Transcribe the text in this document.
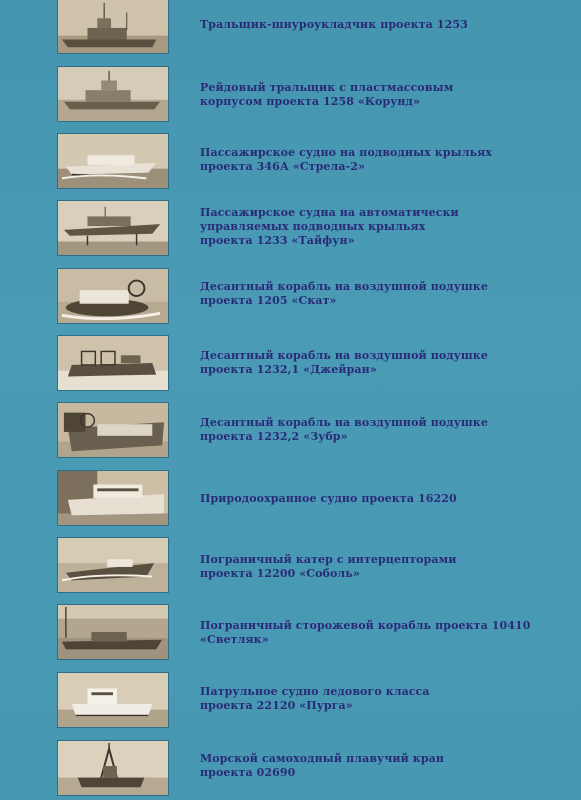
Тральщик-шнуроукладчик проекта 1253
Рейдовый тральщик с пластмассовым
корпусом проекта 1258 «Корунд»
Пассажирское судно на подводных крыльях
проекта 346А «Стрела-2»
Пассажирское судна на автоматически
управляемых подводных крыльях
проекта 1233 «Тайфун»
Десантный корабль на воздушной подушке
проекта 1205 «Скат»
Десантный корабль на воздушной подушке
проекта 1232,1 «Джейран»
Десантный корабль на воздушной подушке
проекта 1232,2 «Зубр»
Природоохранное судно проекта 16220
Пограничный катер с интерцепторами
проекта 12200 «Соболь»
Пограничный сторожевой корабль проекта 10410
«Светляк»
Патрульное судно ледового класса
проекта 22120 «Пурга»
Морской самоходный плавучий кран
проекта 02690
